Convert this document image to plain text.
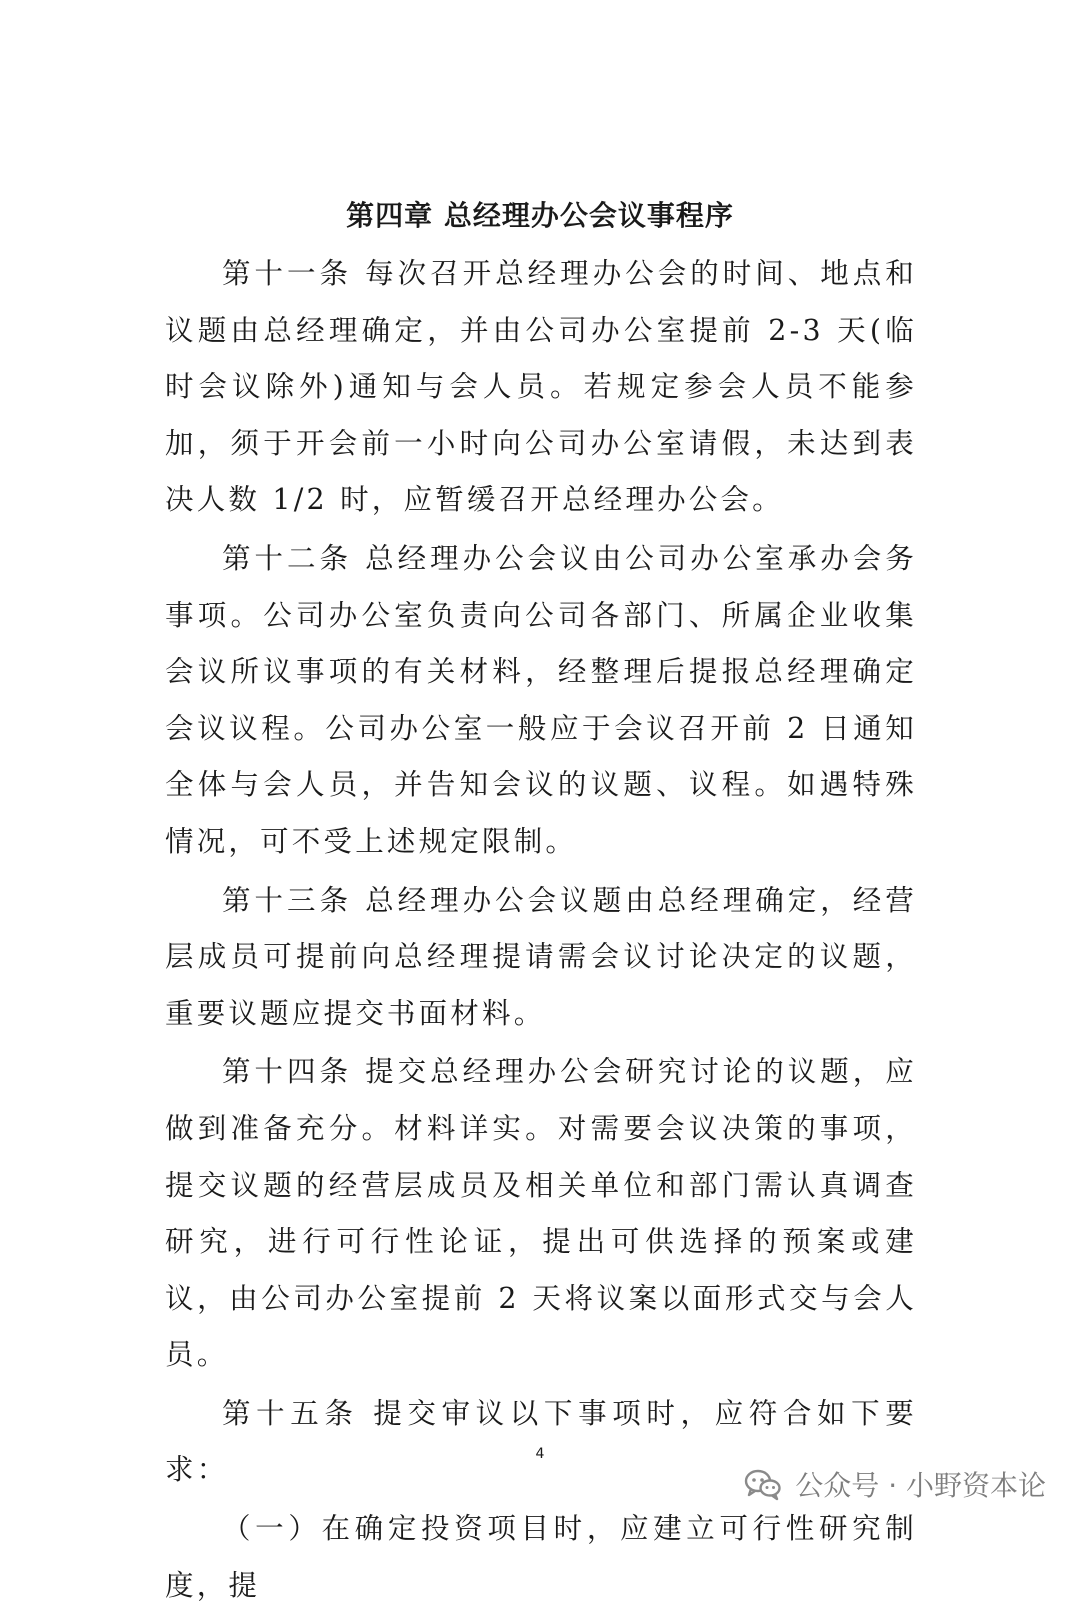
第四章 总经理办公会议事程序

第十一条 每次召开总经理办公会的时间、地点和议题由总经理确定，并由公司办公室提前 2-3 天(临时会议除外)通知与会人员。若规定参会人员不能参加，须于开会前一小时向公司办公室请假，未达到表决人数 1/2 时，应暂缓召开总经理办公会。

第十二条 总经理办公会议由公司办公室承办会务事项。公司办公室负责向公司各部门、所属企业收集会议所议事项的有关材料，经整理后提报总经理确定会议议程。公司办公室一般应于会议召开前 2 日通知全体与会人员，并告知会议的议题、议程。如遇特殊情况，可不受上述规定限制。

第十三条 总经理办公会议题由总经理确定，经营层成员可提前向总经理提请需会议讨论决定的议题，重要议题应提交书面材料。

第十四条 提交总经理办公会研究讨论的议题，应做到准备充分。材料详实。对需要会议决策的事项，提交议题的经营层成员及相关单位和部门需认真调查研究，进行可行性论证，提出可供选择的预案或建议，由公司办公室提前 2 天将议案以面形式交与会人员。

第十五条 提交审议以下事项时，应符合如下要求：

（一）在确定投资项目时，应建立可行性研究制度，提

4
公众号 · 小野资本论
